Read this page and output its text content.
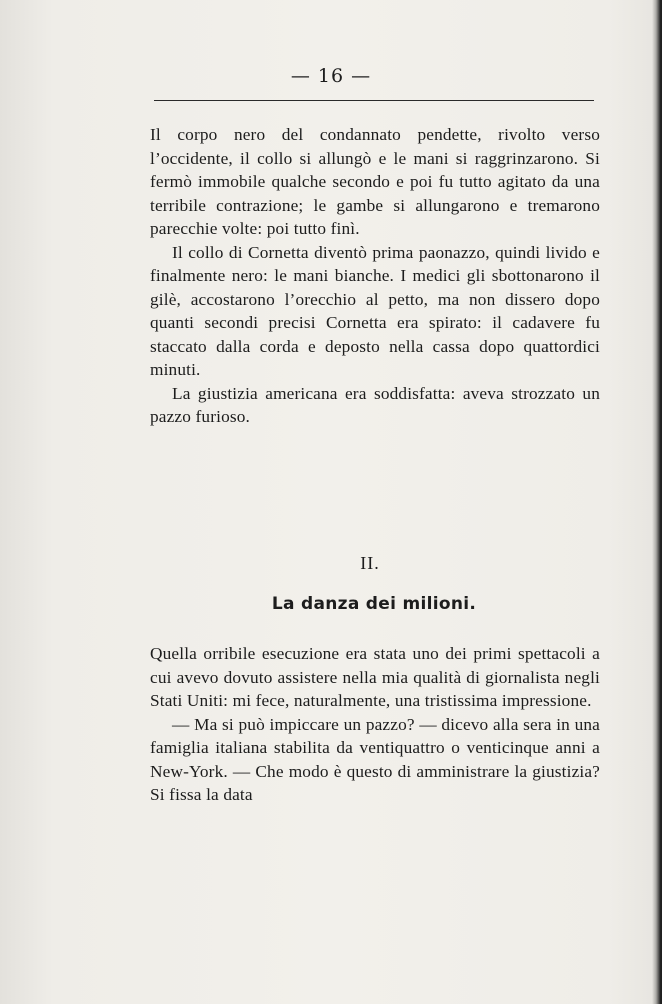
— 16 —

Il corpo nero del condannato pendette, rivolto verso l’occidente, il collo si allungò e le mani si raggrinzarono. Si fermò immobile qualche secondo e poi fu tutto agitato da una terribile contrazione; le gambe si allungarono e tremarono parecchie volte: poi tutto finì.

Il collo di Cornetta diventò prima paonazzo, quindi livido e finalmente nero: le mani bianche. I medici gli sbottonarono il gilè, accostarono l’orecchio al petto, ma non dissero dopo quanti secondi precisi Cornetta era spirato: il cadavere fu staccato dalla corda e deposto nella cassa dopo quattordici minuti.

La giustizia americana era soddisfatta: aveva strozzato un pazzo furioso.

II.
La danza dei milioni.

Quella orribile esecuzione era stata uno dei primi spettacoli a cui avevo dovuto assistere nella mia qualità di giornalista negli Stati Uniti: mi fece, naturalmente, una tristissima impressione.

— Ma si può impiccare un pazzo? — dicevo alla sera in una famiglia italiana stabilita da ventiquattro o venticinque anni a New-York. — Che modo è questo di amministrare la giustizia? Si fissa la data
